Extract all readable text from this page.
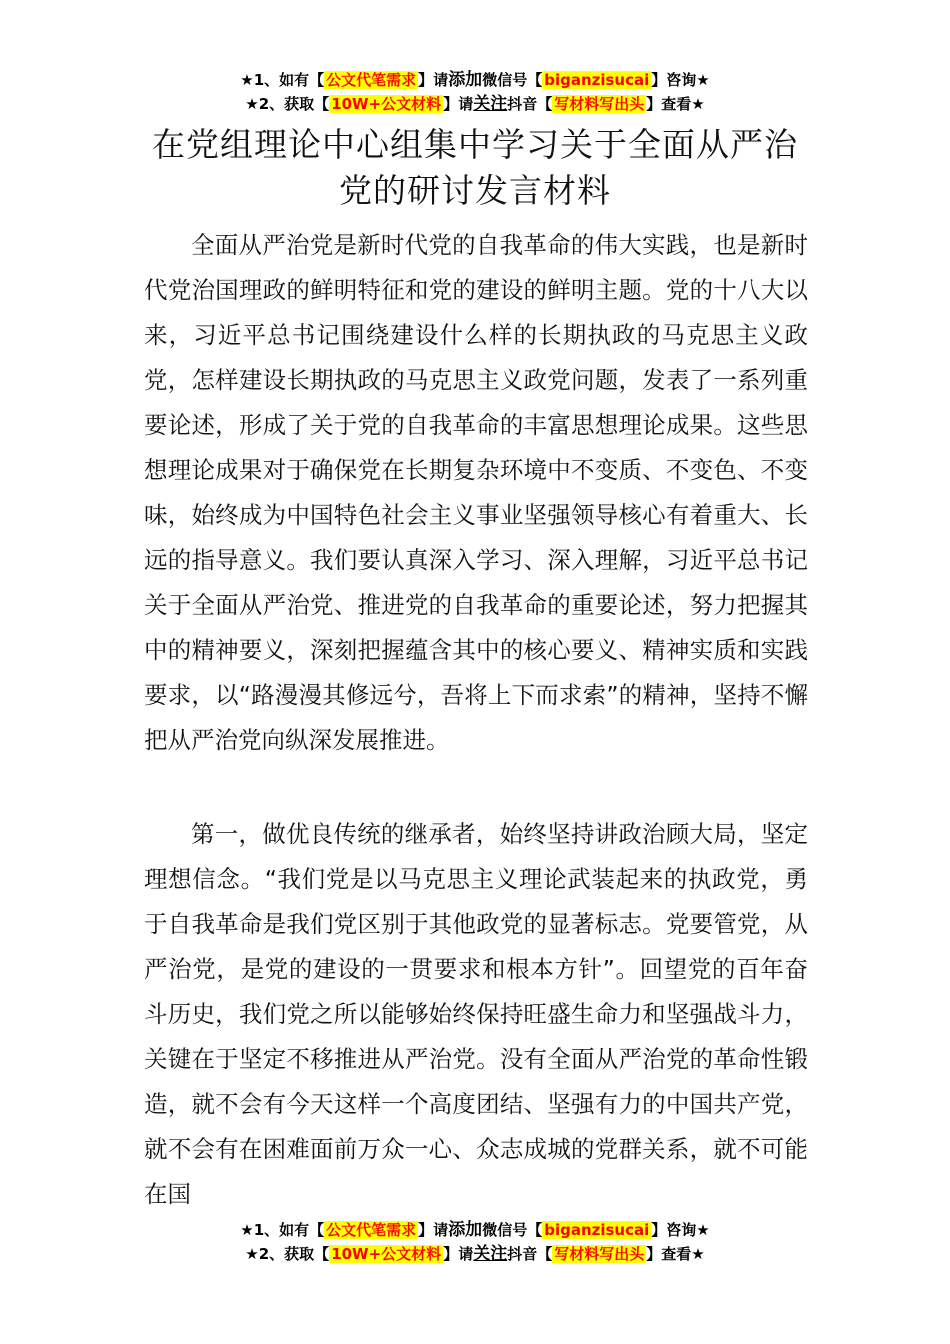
★1、如有【 公文代笔需求 】请添加微信号【 biganzisucai 】咨询★
★2、获取【 10W+公文材料 】请关注抖音【 写材料写出头 】查看★
在党组理论中心组集中学习关于全面从严治
党的研讨发言材料

全面从严治党是新时代党的自我革命的伟大实践，也是新时代党治国理政的鲜明特征和党的建设的鲜明主题。党的十八大以来，习近平总书记围绕建设什么样的长期执政的马克思主义政党，怎样建设长期执政的马克思主义政党问题，发表了一系列重要论述，形成了关于党的自我革命的丰富思想理论成果。这些思想理论成果对于确保党在长期复杂环境中不变质、不变色、不变味，始终成为中国特色社会主义事业坚强领导核心有着重大、长远的指导意义。我们要认真深入学习、深入理解，习近平总书记关于全面从严治党、推进党的自我革命的重要论述，努力把握其中的精神要义，深刻把握蕴含其中的核心要义、精神实质和实践要求，以“路漫漫其修远兮，吾将上下而求索”的精神，坚持不懈把从严治党向纵深发展推进。

第一，做优良传统的继承者，始终坚持讲政治顾大局，坚定理想信念。“我们党是以马克思主义理论武装起来的执政党，勇于自我革命是我们党区别于其他政党的显著标志。党要管党，从严治党，是党的建设的一贯要求和根本方针”。回望党的百年奋斗历史，我们党之所以能够始终保持旺盛生命力和坚强战斗力，关键在于坚定不移推进从严治党。没有全面从严治党的革命性锻造，就不会有今天这样一个高度团结、坚强有力的中国共产党，就不会有在困难面前万众一心、众志成城的党群关系，就不可能在国

★1、如有【 公文代笔需求 】请添加微信号【 biganzisucai 】咨询★
★2、获取【 10W+公文材料 】请关注抖音【 写材料写出头 】查看★
